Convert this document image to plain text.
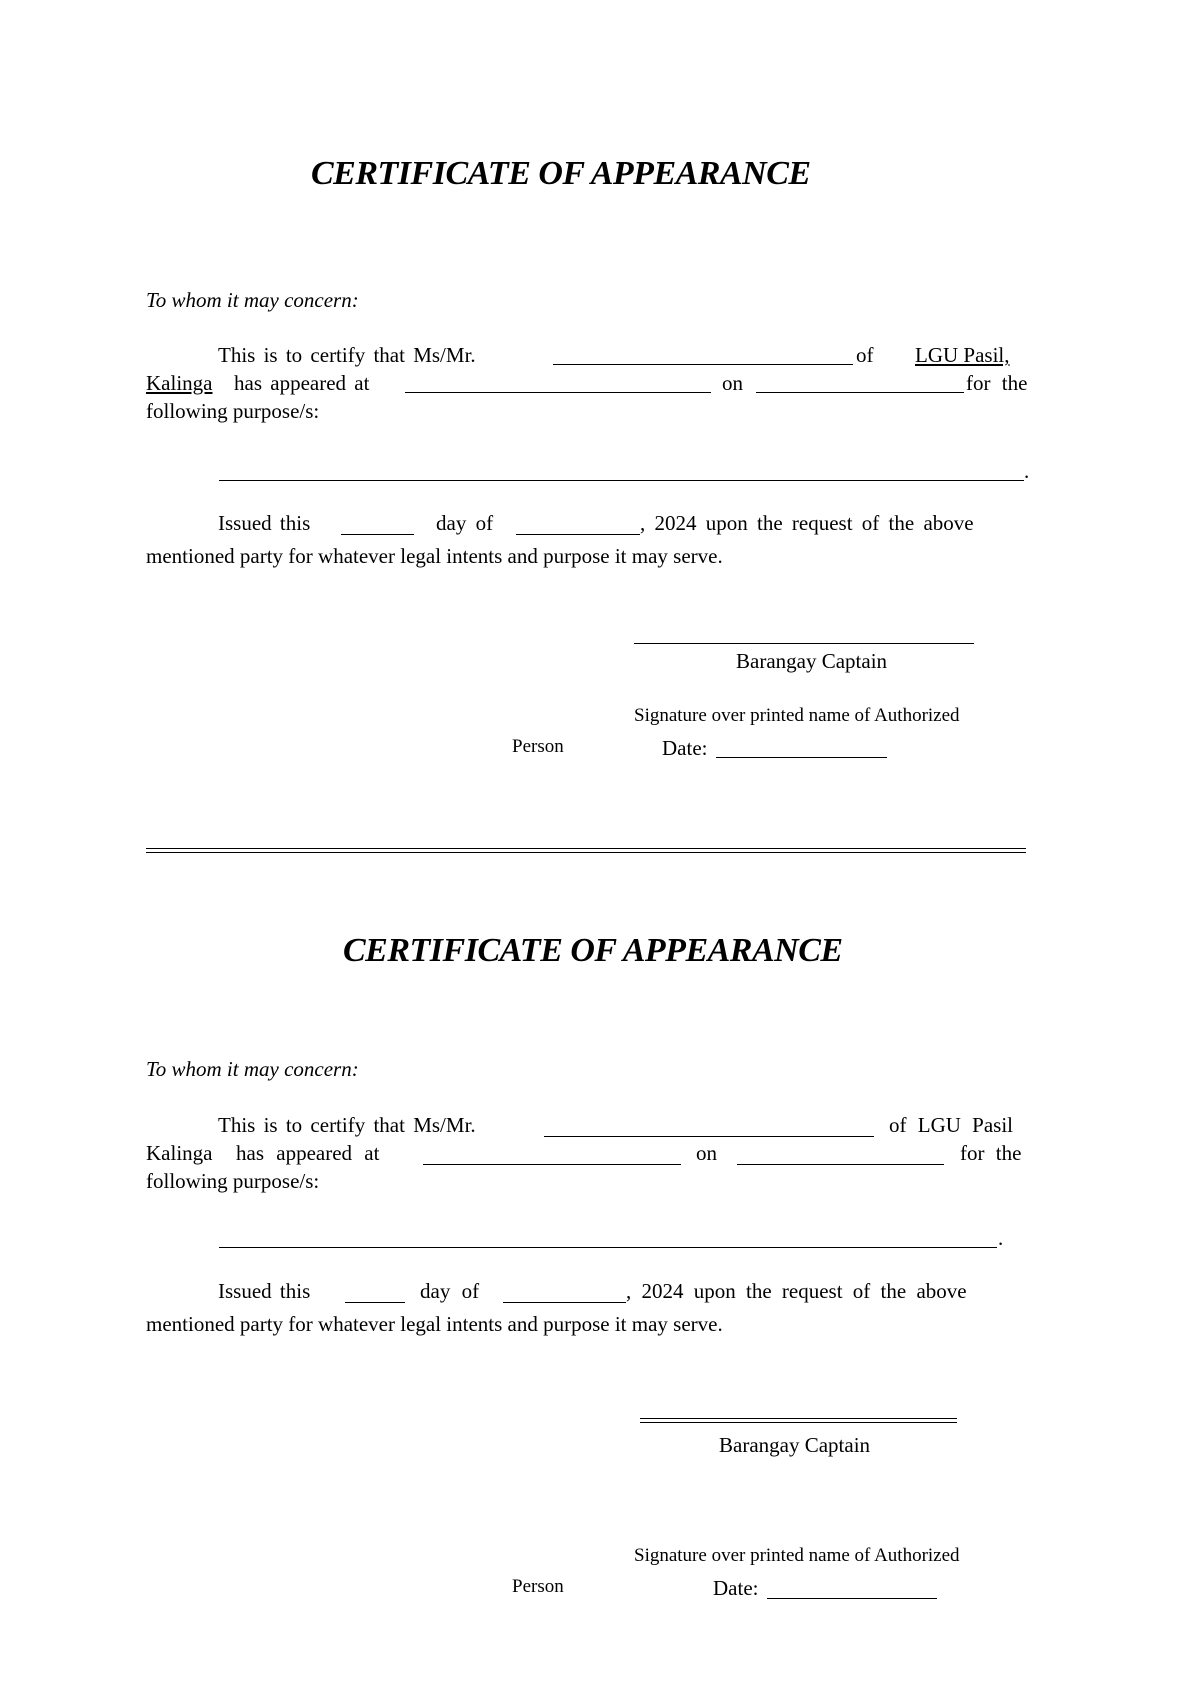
CERTIFICATE OF APPEARANCE
To whom it may concern:
This is to certify that Ms/Mr.	of	LGU Pasil,
Kalinga has appeared at	on	for the
following purpose/s:
.
Issued this	day of	, 2024 upon the request of the above
mentioned party for whatever legal intents and purpose it may serve.
Barangay Captain
Signature over printed name of Authorized
Person	Date:
CERTIFICATE OF APPEARANCE
To whom it may concern:
This is to certify that Ms/Mr.	of LGU Pasil
Kalinga has appeared at	on	for the
following purpose/s:
.
Issued this	day of	, 2024 upon the request of the above
mentioned party for whatever legal intents and purpose it may serve.
Barangay Captain
Signature over printed name of Authorized
Person	Date:
